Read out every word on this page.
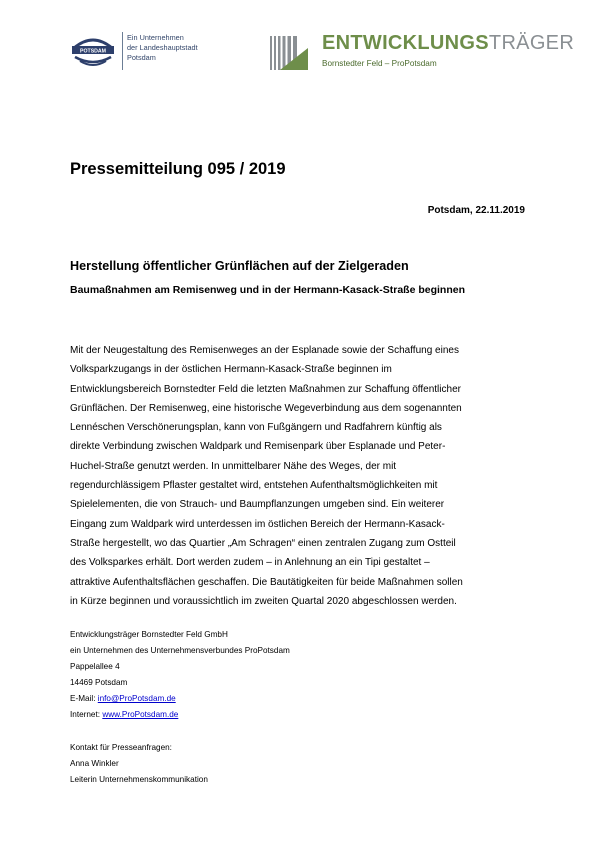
POTSDAM
Ein Unternehmen
der Landeshauptstadt
Potsdam
ENTWICKLUNGSTRÄGER
Bornstedter Feld – ProPotsdam
Pressemitteilung 095 / 2019
Potsdam, 22.11.2019
Herstellung öffentlicher Grünflächen auf der Zielgeraden
Baumaßnahmen am Remisenweg und in der Hermann-Kasack-Straße beginnen
Mit der Neugestaltung des Remisenweges an der Esplanade sowie der Schaffung eines
Volksparkzugangs in der östlichen Hermann-Kasack-Straße beginnen im
Entwicklungsbereich Bornstedter Feld die letzten Maßnahmen zur Schaffung öffentlicher
Grünflächen. Der Remisenweg, eine historische Wegeverbindung aus dem sogenannten
Lennéschen Verschönerungsplan, kann von Fußgängern und Radfahrern künftig als
direkte Verbindung zwischen Waldpark und Remisenpark über Esplanade und Peter-
Huchel-Straße genutzt werden. In unmittelbarer Nähe des Weges, der mit
regendurchlässigem Pflaster gestaltet wird, entstehen Aufenthaltsmöglichkeiten mit
Spielelementen, die von Strauch- und Baumpflanzungen umgeben sind. Ein weiterer
Eingang zum Waldpark wird unterdessen im östlichen Bereich der Hermann-Kasack-
Straße hergestellt, wo das Quartier „Am Schragen“ einen zentralen Zugang zum Ostteil
des Volksparkes erhält. Dort werden zudem – in Anlehnung an ein Tipi gestaltet –
attraktive Aufenthaltsflächen geschaffen. Die Bautätigkeiten für beide Maßnahmen sollen
in Kürze beginnen und voraussichtlich im zweiten Quartal 2020 abgeschlossen werden.
Entwicklungsträger Bornstedter Feld GmbH
ein Unternehmen des Unternehmensverbundes ProPotsdam
Pappelallee 4
14469 Potsdam
E-Mail: info@ProPotsdam.de
Internet: www.ProPotsdam.de
Kontakt für Presseanfragen:
Anna Winkler
Leiterin Unternehmenskommunikation
